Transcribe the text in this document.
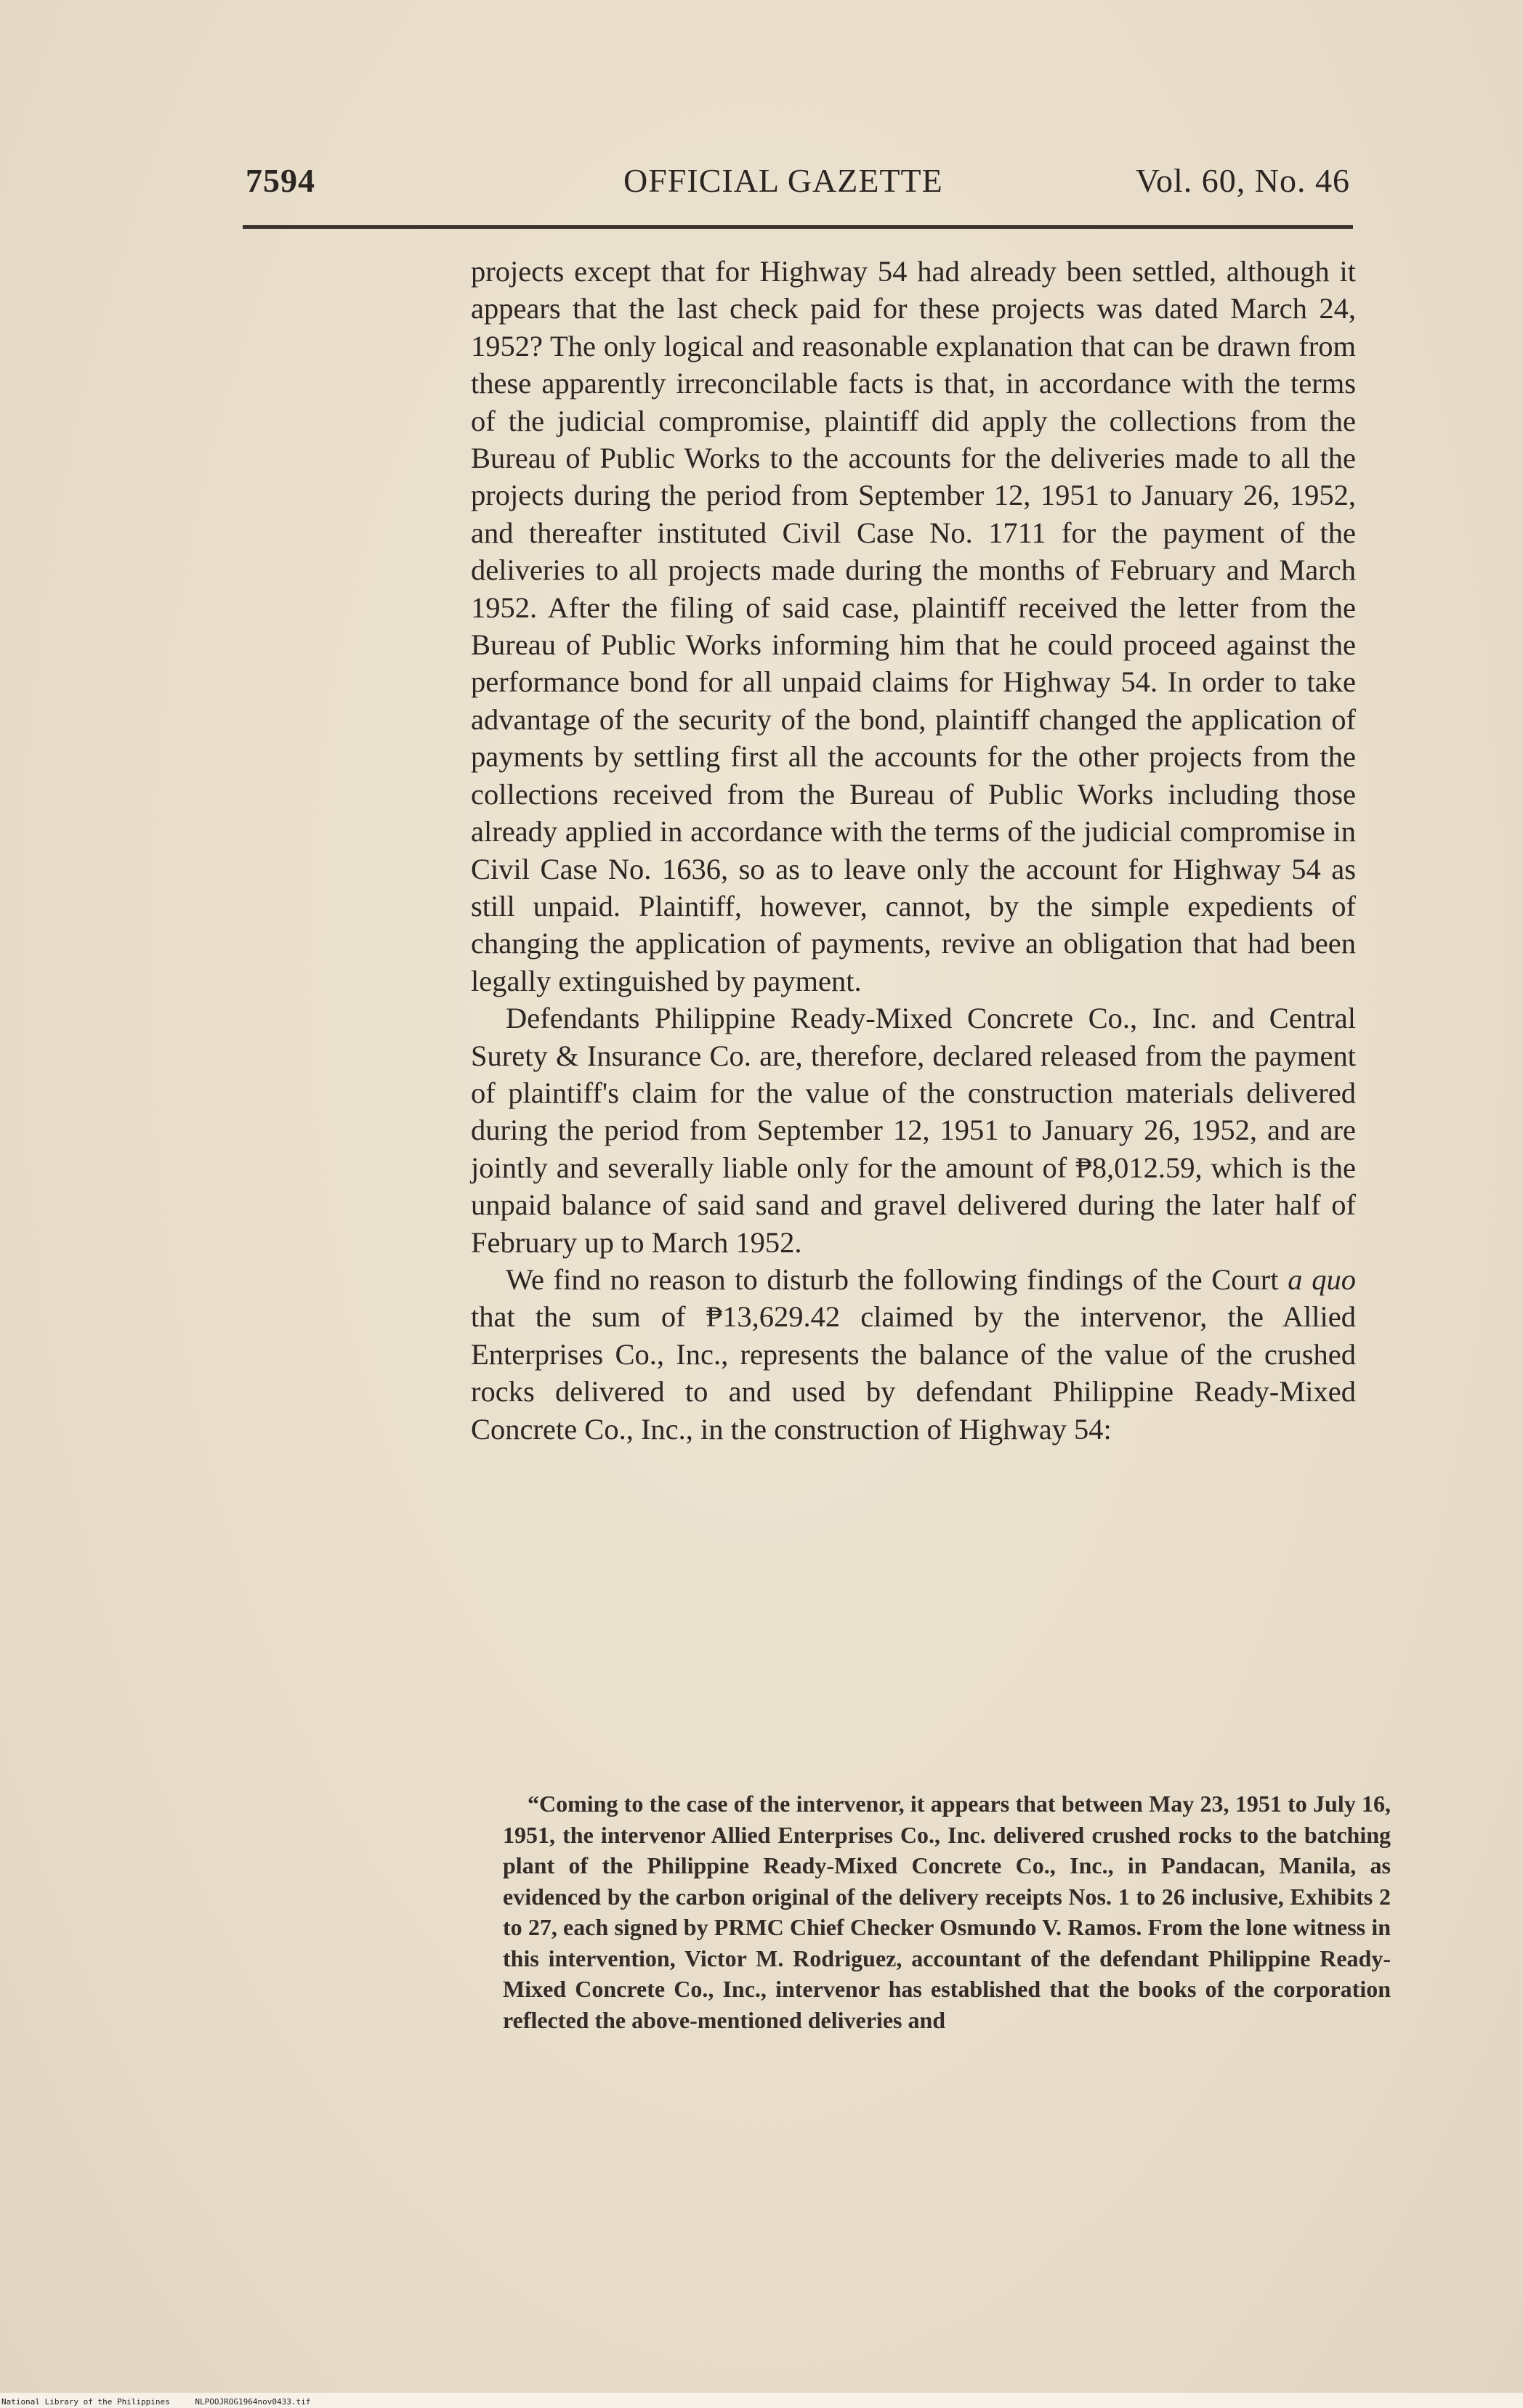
7594	OFFICIAL GAZETTE	Vol. 60, No. 46

projects except that for Highway 54 had already been settled, although it appears that the last check paid for these projects was dated March 24, 1952? The only logical and reasonable explanation that can be drawn from these apparently irreconcilable facts is that, in accordance with the terms of the judicial compromise, plaintiff did apply the collections from the Bureau of Public Works to the accounts for the deliveries made to all the projects during the period from September 12, 1951 to January 26, 1952, and thereafter instituted Civil Case No. 1711 for the payment of the deliveries to all projects made during the months of February and March 1952. After the filing of said case, plaintiff received the letter from the Bureau of Public Works informing him that he could proceed against the performance bond for all unpaid claims for Highway 54. In order to take advantage of the security of the bond, plaintiff changed the application of payments by settling first all the accounts for the other projects from the collections received from the Bureau of Public Works including those already applied in accordance with the terms of the judicial compromise in Civil Case No. 1636, so as to leave only the account for Highway 54 as still unpaid. Plaintiff, however, cannot, by the simple expedients of changing the application of payments, revive an obligation that had been legally extinguished by payment.

Defendants Philippine Ready-Mixed Concrete Co., Inc. and Central Surety & Insurance Co. are, therefore, declared released from the payment of plaintiff's claim for the value of the construction materials delivered during the period from September 12, 1951 to January 26, 1952, and are jointly and severally liable only for the amount of ₱8,012.59, which is the unpaid balance of said sand and gravel delivered during the later half of February up to March 1952.

We find no reason to disturb the following findings of the Court a quo that the sum of ₱13,629.42 claimed by the intervenor, the Allied Enterprises Co., Inc., represents the balance of the value of the crushed rocks delivered to and used by defendant Philippine Ready-Mixed Concrete Co., Inc., in the construction of Highway 54:

“Coming to the case of the intervenor, it appears that between May 23, 1951 to July 16, 1951, the intervenor Allied Enterprises Co., Inc. delivered crushed rocks to the batching plant of the Philippine Ready-Mixed Concrete Co., Inc., in Pandacan, Manila, as evidenced by the carbon original of the delivery receipts Nos. 1 to 26 inclusive, Exhibits 2 to 27, each signed by PRMC Chief Checker Osmundo V. Ramos. From the lone witness in this intervention, Victor M. Rodriguez, accountant of the defendant Philippine Ready-Mixed Concrete Co., Inc., intervenor has established that the books of the corporation reflected the above-mentioned deliveries and

National Library of the Philippines	NLPOOJROG1964nov0433.tif
